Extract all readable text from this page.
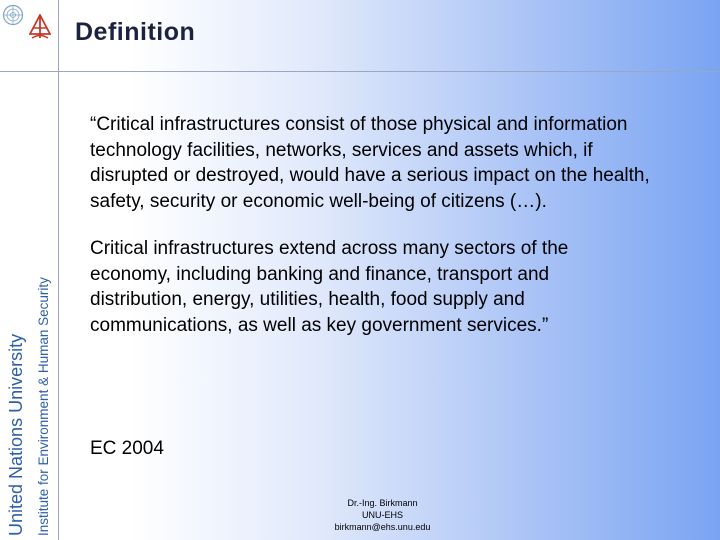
United Nations University Institute for Environment & Human Security
Definition

“Critical infrastructures consist of those physical and information technology facilities, networks, services and assets which, if disrupted or destroyed, would have a serious impact on the health, safety, security or economic well-being of citizens (…).

Critical infrastructures extend across many sectors of the economy, including banking and finance, transport and distribution, energy, utilities, health, food supply and communications, as well as key government services.”

EC 2004
Dr.-Ing. Birkmann
UNU-EHS
birkmann@ehs.unu.edu
